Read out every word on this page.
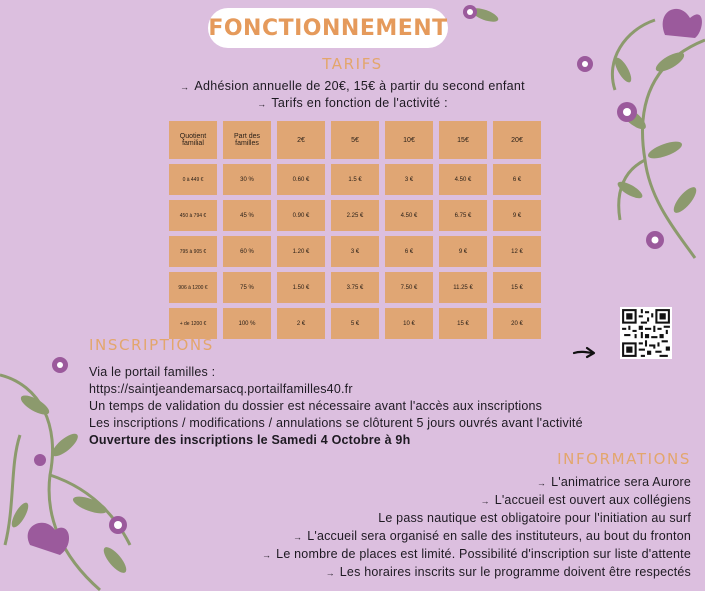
FONCTIONNEMENT
TARIFS
→ Adhésion annuelle de 20€, 15€ à partir du second enfant
→ Tarifs en fonction de l'activité :
Quotient familial	Part des familles	2€	5€	10€	15€	20€
0 à 449 €	30 %	0.60 €	1.5 €	3 €	4.50 €	6 €
450 à 794 €	45 %	0.90 €	2.25 €	4.50 €	6.75 €	9 €
795 à 905 €	60 %	1.20 €	3 €	6 €	9 €	12 €
906 à 1200 €	75 %	1.50 €	3.75 €	7.50 €	11.25 €	15 €
+ de 1200 €	100 %	2 €	5 €	10 €	15 €	20 €
INSCRIPTIONS
Via le portail familles :
https://saintjeandemarsacq.portailfamilles40.fr
Un temps de validation du dossier est nécessaire avant l'accès aux inscriptions
Les inscriptions / modifications / annulations se clôturent 5 jours ouvrés avant l'activité
Ouverture des inscriptions le Samedi 4 Octobre à 9h
INFORMATIONS
→ L'animatrice sera Aurore
→ L'accueil est ouvert aux collégiens
Le pass nautique est obligatoire pour l'initiation au surf
→ L'accueil sera organisé en salle des instituteurs, au bout du fronton
→ Le nombre de places est limité. Possibilité d'inscription sur liste d'attente
→ Les horaires inscrits sur le programme doivent être respectés
